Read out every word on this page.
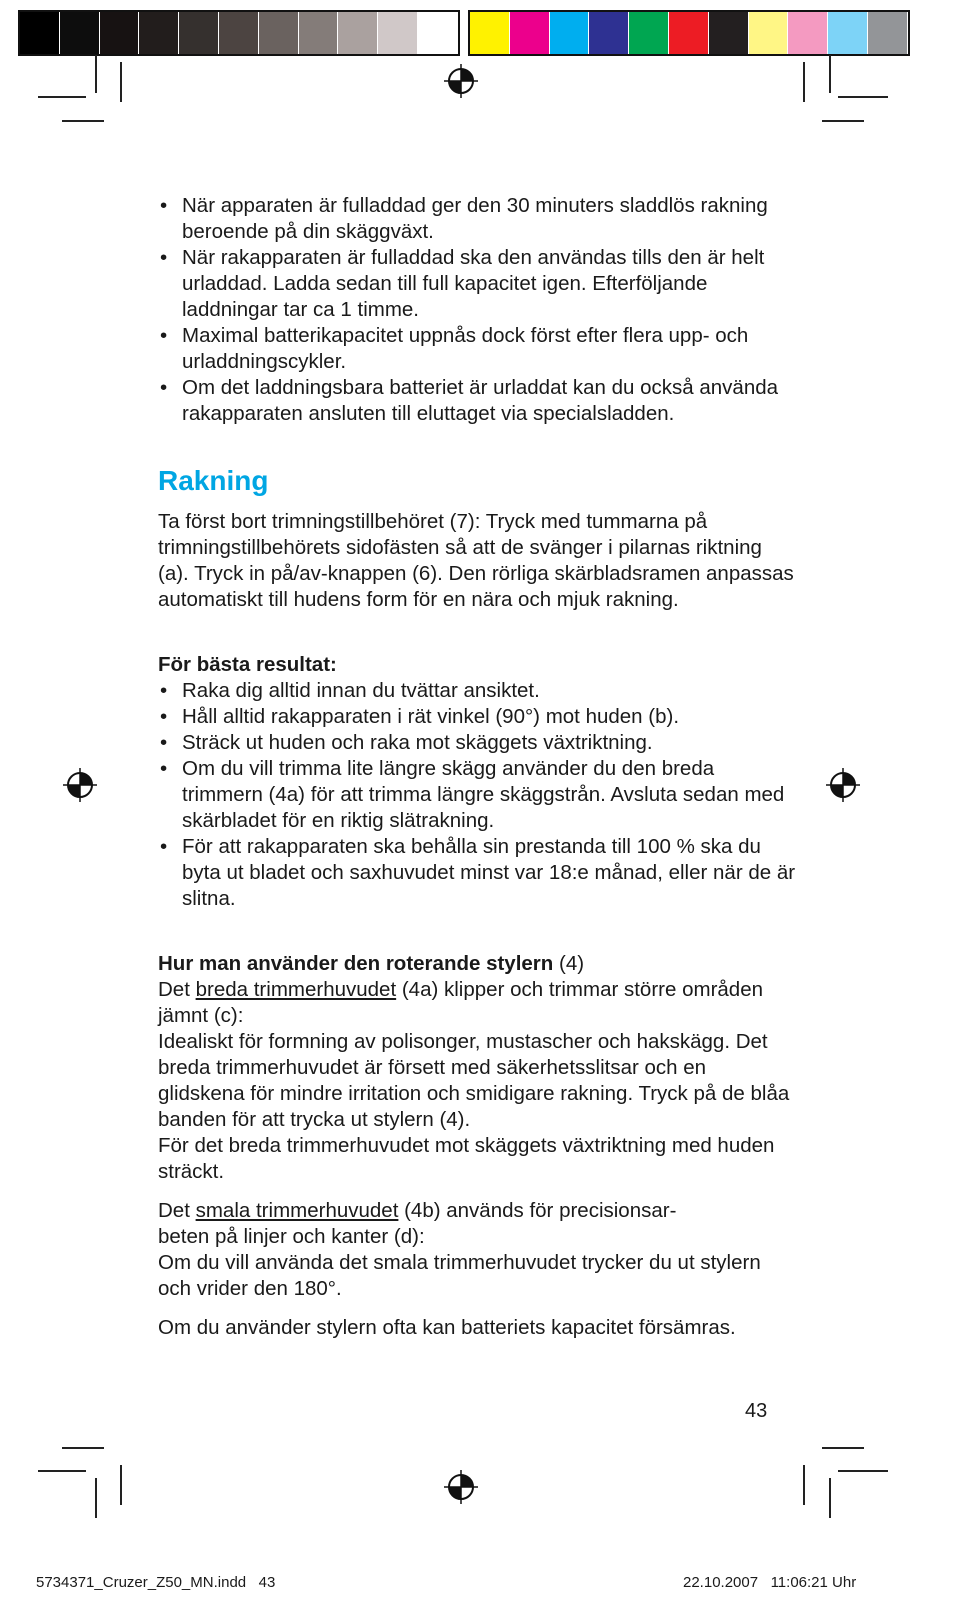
• När apparaten är fulladdad ger den 30 minuters sladdlös rakning beroende på din skäggväxt.
• När rakapparaten är fulladdad ska den användas tills den är helt urladdad. Ladda sedan till full kapacitet igen. Efterföljande laddningar tar ca 1 timme.
• Maximal batterikapacitet uppnås dock först efter flera upp- och urladdningscykler.
• Om det laddningsbara batteriet är urladdat kan du också använda rakapparaten ansluten till eluttaget via specialsladden.
Rakning

Ta först bort trimningstillbehöret (7): Tryck med tummarna på trimningstillbehörets sidofästen så att de svänger i pilarnas riktning (a). Tryck in på/av-knappen (6). Den rörliga skärbladsramen anpassas automatiskt till hudens form för en nära och mjuk rakning.

För bästa resultat:

• Raka dig alltid innan du tvättar ansiktet.
• Håll alltid rakapparaten i rät vinkel (90°) mot huden (b).
• Sträck ut huden och raka mot skäggets växtriktning.
• Om du vill trimma lite längre skägg använder du den breda trimmern (4a) för att trimma längre skäggstrån. Avsluta sedan med skärbladet för en riktig slätrakning.
• För att rakapparaten ska behålla sin prestanda till 100 % ska du byta ut bladet och saxhuvudet minst var 18:e månad, eller när de är slitna.

Hur man använder den roterande stylern (4)

Det breda trimmerhuvudet (4a) klipper och trimmar större områden jämnt (c):

Idealiskt för formning av polisonger, mustascher och hakskägg. Det breda trimmerhuvudet är försett med säkerhetsslitsar och en glidskena för mindre irritation och smidigare rakning. Tryck på de blåa banden för att trycka ut stylern (4).

För det breda trimmerhuvudet mot skäggets växtriktning med huden sträckt.

Det smala trimmerhuvudet (4b) används för precisionsar-

beten på linjer och kanter (d):

Om du vill använda det smala trimmerhuvudet trycker du ut stylern och vrider den 180°.

Om du använder stylern ofta kan batteriets kapacitet försämras.

43
5734371_Cruzer_Z50_MN.indd   43	22.10.2007   11:06:21 Uhr
